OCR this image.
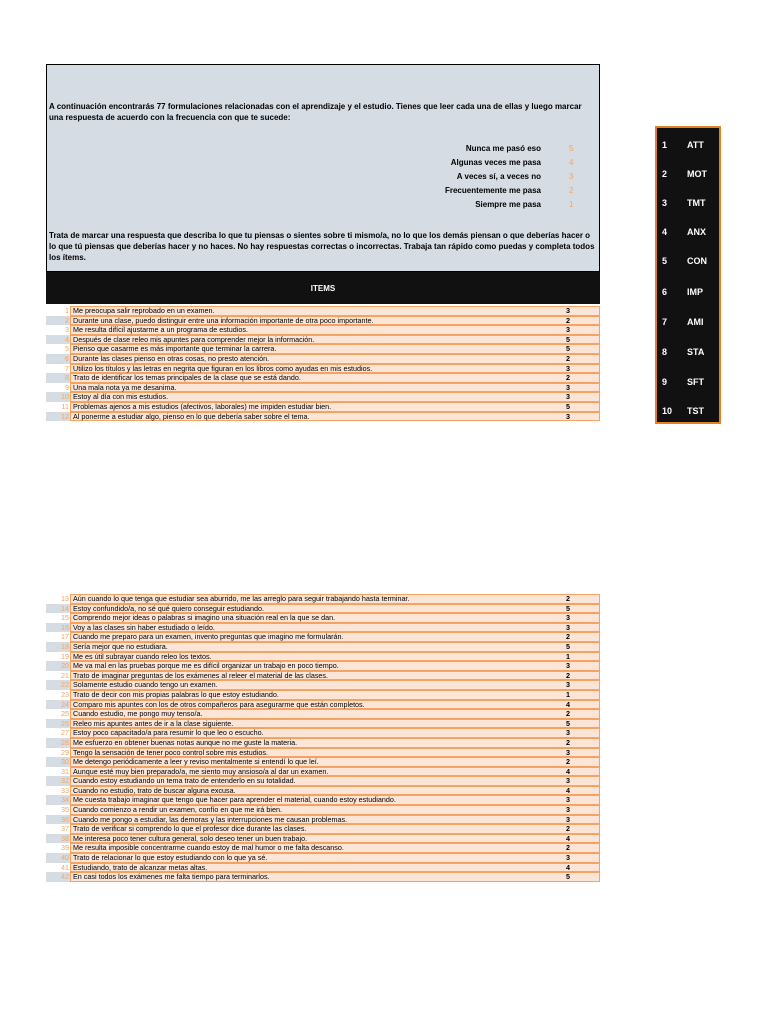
A continuación encontrarás 77 formulaciones relacionadas con el aprendizaje y el estudio. Tienes que leer cada una de ellas y luego marcar una respuesta de acuerdo con la frecuencia con que te sucede:
Nunca me pasó eso	5
Algunas veces me pasa	4
A veces sí, a veces no	3
Frecuentemente me pasa	2
Siempre me pasa	1
Trata de marcar una respuesta que describa lo que tu piensas o sientes sobre ti mismo/a, no lo que los demás piensan o que deberías hacer o lo que tú piensas que deberías hacer y no haces. No hay respuestas correctas o incorrectas. Trabaja tan rápido como puedas y completa todos los ítems.
ITEMS
1 Me preocupa salir reprobado en un examen.	3
2 Durante una clase, puedo distinguir entre una información importante de otra poco importante.	2
3 Me resulta difícil ajustarme a un programa de estudios.	3
4 Después de clase releo mis apuntes para comprender mejor la información.	5
5 Pienso que casarme es más importante que terminar la carrera.	5
6 Durante las clases pienso en otras cosas, no presto atención.	2
7 Utilizo los títulos y las letras en negrita que figuran en los libros como ayudas en mis estudios.	3
8 Trato de identificar los temas principales de la clase que se está dando.	2
9 Una mala nota ya me desanima.	3
10 Estoy al día con mis estudios.	3
11 Problemas ajenos a mis estudios (afectivos, laborales) me impiden estudiar bien.	5
12 Al ponerme a estudiar algo, pienso en lo que debería saber sobre el tema.	3
13 Aún cuando lo que tenga que estudiar sea aburrido, me las arreglo para seguir trabajando hasta terminar.	2
14 Estoy confundido/a, no sé qué quiero conseguir estudiando.	5
15 Comprendo mejor ideas o palabras si imagino una situación real en la que se dan.	3
16 Voy a las clases sin haber estudiado o leído.	3
17 Cuando me preparo para un examen, invento preguntas que imagino me formularán.	2
18 Sería mejor que no estudiara.	5
19 Me es útil subrayar cuando releo los textos.	1
20 Me va mal en las pruebas porque me es difícil organizar un trabajo en poco tiempo.	3
21 Trato de imaginar preguntas de los exámenes al releer el material de las clases.	2
22 Solamente estudio cuando tengo un examen.	3
23 Trato de decir con mis propias palabras lo que estoy estudiando.	1
24 Comparo mis apuntes con los de otros compañeros para asegurarme que están completos.	4
25 Cuando estudio, me pongo muy tenso/a.	2
26 Releo mis apuntes antes de ir a la clase siguiente.	5
27 Estoy poco capacitado/a para resumir lo que leo o escucho.	3
28 Me esfuerzo en obtener buenas notas aunque no me guste la materia.	2
29 Tengo la sensación de tener poco control sobre mis estudios.	3
30 Me detengo periódicamente a leer y reviso mentalmente si entendí lo que leí.	2
31 Aunque esté muy bien preparado/a, me siento muy ansioso/a al dar un examen.	4
32 Cuando estoy estudiando un tema trato de entenderlo en su totalidad.	3
33 Cuando no estudio, trato de buscar alguna excusa.	4
34 Me cuesta trabajo imaginar que tengo que hacer para aprender el material, cuando estoy estudiando.	3
35 Cuando comienzo a rendir un examen, confío en que me irá bien.	3
36 Cuando me pongo a estudiar, las demoras y las interrupciones me causan problemas.	3
37 Trato de verificar si comprendo lo que el profesor dice durante las clases.	2
38 Me interesa poco tener cultura general, solo deseo tener un buen trabajo.	4
39 Me resulta imposible concentrarme cuando estoy de mal humor o me falta descanso.	2
40 Trato de relacionar lo que estoy estudiando con lo que ya sé.	3
41 Estudiando, trato de alcanzar metas altas.	4
42 En casi todos los exámenes me falta tiempo para terminarlos.	5
1 ATT
2 MOT
3 TMT
4 ANX
5 CON
6 IMP
7 AMI
8 STA
9 SFT
10 TST
